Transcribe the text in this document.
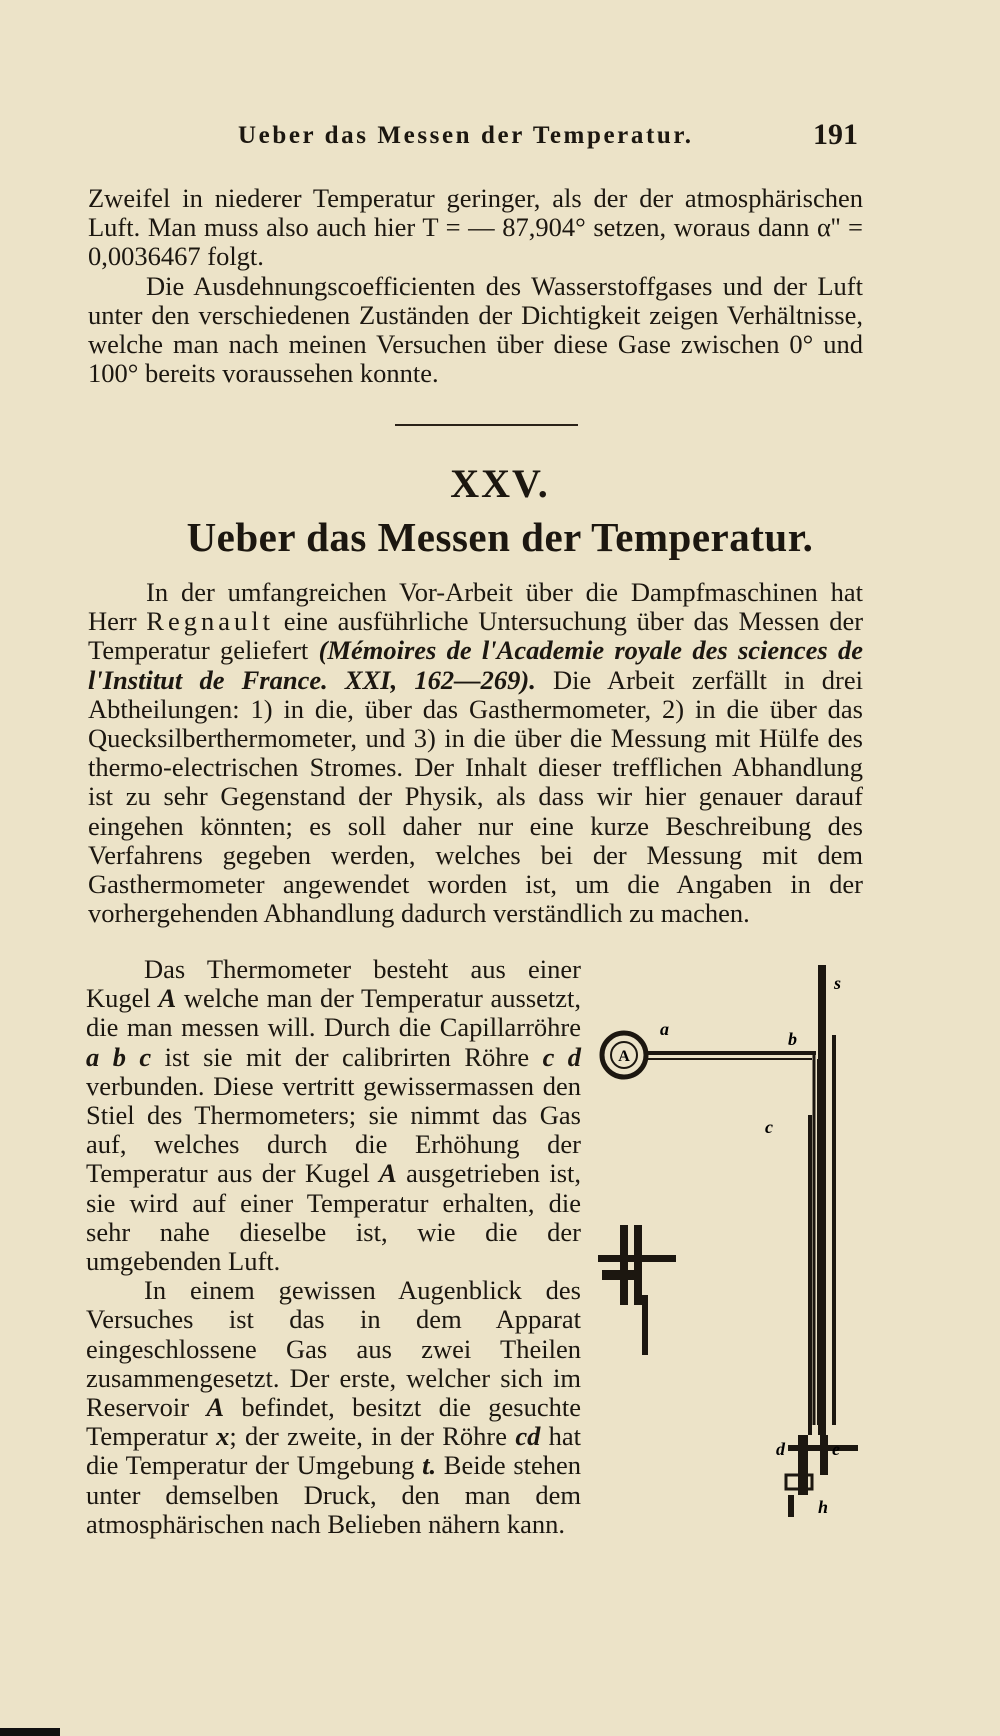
Ueber das Messen der Temperatur.	191

Zweifel in niederer Temperatur geringer, als der der atmosphärischen Luft. Man muss also auch hier T = — 87,904° setzen, woraus dann α'' = 0,0036467 folgt.

Die Ausdehnungscoefficienten des Wasserstoffgases und der Luft unter den verschiedenen Zuständen der Dichtigkeit zeigen Verhältnisse, welche man nach meinen Versuchen über diese Gase zwischen 0° und 100° bereits voraussehen konnte.

XXV.
Ueber das Messen der Temperatur.

In der umfangreichen Vor-Arbeit über die Dampfmaschinen hat Herr Regnault eine ausführliche Untersuchung über das Messen der Temperatur geliefert (Mémoires de l'Academie royale des sciences de l'Institut de France. XXI, 162—269). Die Arbeit zerfällt in drei Abtheilungen: 1) in die, über das Gasthermometer, 2) in die über das Quecksilberthermometer, und 3) in die über die Messung mit Hülfe des thermo-electrischen Stromes. Der Inhalt dieser trefflichen Abhandlung ist zu sehr Gegenstand der Physik, als dass wir hier genauer darauf eingehen könnten; es soll daher nur eine kurze Beschreibung des Verfahrens gegeben werden, welches bei der Messung mit dem Gasthermometer angewendet worden ist, um die Angaben in der vorhergehenden Abhandlung dadurch verständlich zu machen.

Das Thermometer besteht aus einer Kugel A welche man der Temperatur aussetzt, die man messen will. Durch die Capillarröhre a b c ist sie mit der calibrirten Röhre c d verbunden. Diese vertritt gewissermassen den Stiel des Thermometers; sie nimmt das Gas auf, welches durch die Erhöhung der Temperatur aus der Kugel A ausgetrieben ist, sie wird auf einer Temperatur erhalten, die sehr nahe dieselbe ist, wie die der umgebenden Luft.

In einem gewissen Augenblick des Versuches ist das in dem Apparat eingeschlossene Gas aus zwei Theilen zusammengesetzt. Der erste, welcher sich im Reservoir A befindet, besitzt die gesuchte Temperatur x; der zweite, in der Röhre cd hat die Temperatur der Umgebung t. Beide stehen unter demselben Druck, den man dem atmosphärischen nach Belieben nähern kann.

A
a	b
s
c
d	e
h
